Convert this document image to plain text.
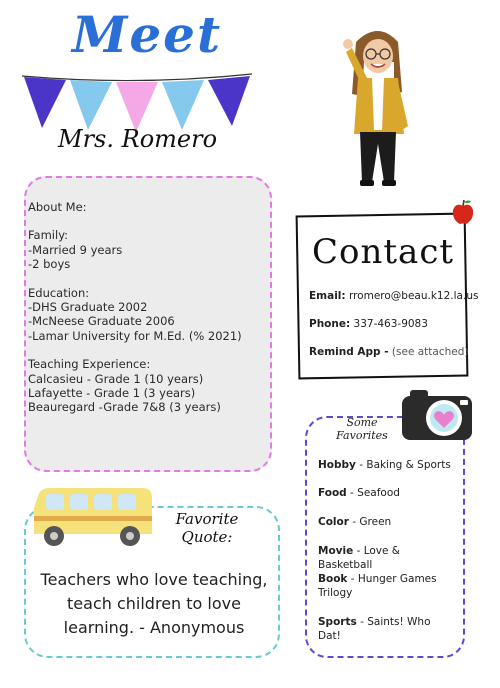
Meet
Mrs. Romero
About Me:
Family:
-Married 9 years
-2 boys
Education:
-DHS Graduate 2002
-McNeese Graduate 2006
-Lamar University for M.Ed. (% 2021)
Teaching Experience:
Calcasieu - Grade 1 (10 years)
Lafayette - Grade 1 (3 years)
Beauregard -Grade 7&8 (3 years)
Contact
Email: rromero@beau.k12.la.us
Phone: 337-463-9083
Remind App - (see attached)
Some
Favorites
Hobby - Baking & Sports
Food - Seafood
Color - Green
Movie - Love & Basketball
Book - Hunger Games Trilogy
Sports - Saints! Who Dat!
Favorite
Quote:
Teachers who love teaching, teach children to love learning. - Anonymous
